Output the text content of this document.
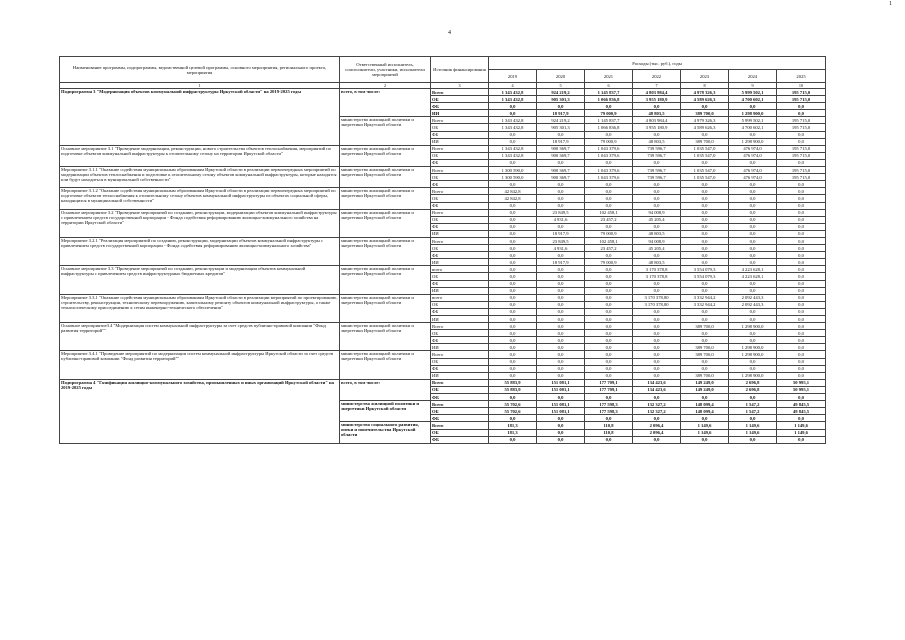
1
4
Наименование программы, подпрограммы, ведомственной целевой программы, основного мероприятия, регионального проекта, мероприятия	Ответственный исполнитель, соисполнители, участники, исполнители мероприятий	Источник финансирования	Расходы (тыс. руб.), годы						
			2019	2020	2021	2022	2023	2024	2025
1	2	3	4	5	6	7	8	9	10
Подпрограмма 3 "Модернизация объектов коммунальной инфраструктуры Иркутской области" на 2019-2025 годы	всего, в том числе:	Всего	1 343 432,8	924 219,2	1 145 837,7	4 803 984,4	4 978 326,3	5 999 502,1	195 715,0
		ОБ	1 343 432,8	905 301,3	1 066 836,8	3 955 180,9	4 589 626,3	4 700 602,1	195 715,0
		ФБ	0,0	0,0	0,0	0,0	0,0	0,0	0,0
		ИИ	0,0	18 917,9	79 000,9	48 803,5	389 700,0	1 298 900,0	0,0
	министерство жилищной политики и энергетики Иркутской области	Всего	1 343 432,8	924 219,2	1 145 837,7	4 803 984,4	4 979 326,3	5 999 502,1	195 715,0
		ОБ	1 343 432,8	905 301,3	1 066 836,8	3 955 180,9	4 589 626,3	4 700 602,1	195 715,0
		ФБ	0,0	0,0	0,0	0,0	0,0	0,0	0,0
		ИИ	0,0	18 917,9	79 000,9	48 803,5	389 700,0	1 298 900,0	0,0
Основное мероприятие 3.1 "Проведение модернизации, реконструкции, нового строительства объектов теплоснабжения, мероприятий по подготовке объектов коммунальной инфраструктуры к отопительному сезону на территории Иркутской области"	министерство жилищной политики и энергетики Иркутской области	Всего	1 343 432,8	900 369,7	1 043 379,6	739 596,7	1 035 547,0	476 974,0	195 715,0
		ОБ	1 343 432,8	900 369,7	1 043 379,6	739 596,7	1 035 547,0	476 974,0	195 715,0
		ФБ	0,0	0,0	0,0	0,0	0,0	0,0	0,0
Мероприятие 3.1.1 "Оказание содействия муниципальным образованиям Иркутской области в реализации первоочередных мероприятий по модернизации объектов теплоснабжения и подготовке к отопительному сезону объектов коммунальной инфраструктуры, которые находятся или будут находиться в муниципальной собственности"	министерство жилищной политики и энергетики Иркутской области	Всего	1 300 590,0	900 369,7	1 043 379,6	739 596,7	1 035 547,0	476 974,0	195 715,0
		ОБ	1 300 590,0	900 369,7	1 043 379,6	739 596,7	1 035 547,0	476 974,0	195 715,0
		ФБ	0,0	0,0	0,0	0,0	0,0	0,0	0,0
Мероприятие 3.1.2 "Оказание содействия муниципальным образованиям Иркутской области в реализации первоочередных мероприятий по подготовке объектов теплоснабжения к отопительному сезону объектов коммунальной инфраструктуры из объектах социальной сферы, находящихся в муниципальной собственности"	министерство жилищной политики и энергетики Иркутской области	Всего	42 842,8	0,0	0,0	0,0	0,0	0,0	0,0
		ОБ	42 842,8	0,0	0,0	0,0	0,0	0,0	0,0
		ФБ	0,0	0,0	0,0	0,0	0,0	0,0	0,0
Основное мероприятие 3.2 "Проведение мероприятий по созданию, реконструкции, модернизации объектов коммунальной инфраструктуры с привлечением средств государственной корпорации - Фонда содействия реформированию жилищно-коммунального хозяйства на территории Иркутской области"	министерство жилищной политики и энергетики Иркутской области	Всего	0,0	23 849,5	102 458,1	94 008,9	0,0	0,0	0,0
		ОБ	0,0	4 931,6	23 457,2	45 205,4	0,0	0,0	0,0
		ФБ	0,0	0,0	0,0	0,0	0,0	0,0	0,0
		ИИ	0,0	18 917,9	79 000,9	48 803,5	0,0	0,0	0,0
Мероприятие 3.2.1 "Реализация мероприятий по созданию, реконструкции, модернизации объектов коммунальной инфраструктуры с привлечением средств государственной корпорации - Фонда содействия реформированию жилищно-коммунального хозяйства"	министерство жилищной политики и энергетики Иркутской области	Всего	0,0	23 849,5	102 458,1	94 008,9	0,0	0,0	0,0
		ОБ	0,0	4 931,6	23 457,2	45 205,4	0,0	0,0	0,0
		ФБ	0,0	0,0	0,0	0,0	0,0	0,0	0,0
		ИИ	0,0	18 917,9	79 000,9	48 803,5	0,0	0,0	0,0
Основное мероприятие 3.3 "Проведение мероприятий по созданию, реконструкции и модернизации объектов коммунальной инфраструктуры с привлечением средств инфраструктурных бюджетных кредитов"	министерство жилищной политики и энергетики Иркутской области	всего	0,0	0,0	0,0	3 170 378,8	3 554 079,3	4 223 628,1	0,0
		ОБ	0,0	0,0	0,0	3 170 378,8	3 554 079,3	4 223 628,1	0,0
		ФБ	0,0	0,0	0,0	0,0	0,0	0,0	0,0
		ИИ	0,0	0,0	0,0	0,0	0,0	0,0	0,0
Мероприятие 3.3.1 "Оказание содействия муниципальным образованиям Иркутской области в реализации мероприятий по проектированию, строительству, реконструкции, техническому перевооружению, капитальному ремонту объектов коммунальной инфраструктуры, а также технологическому присоединению к сетям инженерно-технического обеспечения"	министерство жилищной политики и энергетики Иркутской области	всего	0,0	0,0	0,0	3 170 378,80	3 332 944,2	2 092 443,3	0,0
		ОБ	0,0	0,0	0,0	3 170 378,80	3 332 944,2	2 092 443,3	0,0
		ФБ	0,0	0,0	0,0	0,0	0,0	0,0	0,0
		ИИ	0,0	0,0	0,0	0,0	0,0	0,0	0,0
Основное мероприятие3.4 "Модернизация систем коммунальной инфраструктуры за счет средств публично-правовой компании "Фонд развития территорий""	министерство жилищной политики и энергетики Иркутской области	Всего	0,0	0,0	0,0	0,0	389 700,0	1 298 900,0	0,0
		ОБ	0,0	0,0	0,0	0,0	0,0	0,0	0,0
		ФБ	0,0	0,0	0,0	0,0	0,0	0,0	0,0
		ИИ	0,0	0,0	0,0	0,0	389 700,0	1 298 900,0	0,0
Мероприятие 3.4.1 "Проведение мероприятий по модернизации систем коммунальной инфраструктуры Иркутской области за счет средств публично-правовой компании "Фонд развития территорий""	министерство жилищной политики и энергетики Иркутской области	Всего	0,0	0,0	0,0	0,0	389 700,0	1 298 900,0	0,0
		ОБ	0,0	0,0	0,0	0,0	0,0	0,0	0,0
		ФБ	0,0	0,0	0,0	0,0	0,0	0,0	0,0
		ИИ	0,0	0,0	0,0	0,0	389 700,0	1 298 900,0	0,0
Подпрограмма 4 "Газификация жилищно-коммунального хозяйства, промышленных и иных организаций Иркутской области" на 2019-2025 годы	всего, в том числе:	Всего	55 883,9	151 081,1	177 709,1	134 423,6	149 249,0	2 696,8	50 995,1
		ОБ	55 883,9	151 081,1	177 709,1	134 423,6	149 249,0	2 696,8	50 995,1
		ФБ	0,0	0,0	0,0	0,0	0,0	0,0	0,0
	министерство жилищной политики и энергетики Иркутской области	Всего	55 702,6	151 081,1	177 598,3	132 327,2	148 099,4	1 547,2	49 845,5
		ОБ	55 702,6	151 081,1	177 598,3	132 327,2	148 099,4	1 547,2	49 845,5
		ФБ	0,0	0,0	0,0	0,0	0,0	0,0	0,0
	министерство социального развития, опеки и попечительства Иркутской области	Всего	181,3	0,0	110,8	2 096,4	1 149,6	1 149,6	1 149,6
		ОБ	181,3	0,0	110,8	2 096,4	1 149,6	1 149,6	1 149,6
		ФБ	0,0	0,0	0,0	0,0	0,0	0,0	0,0
